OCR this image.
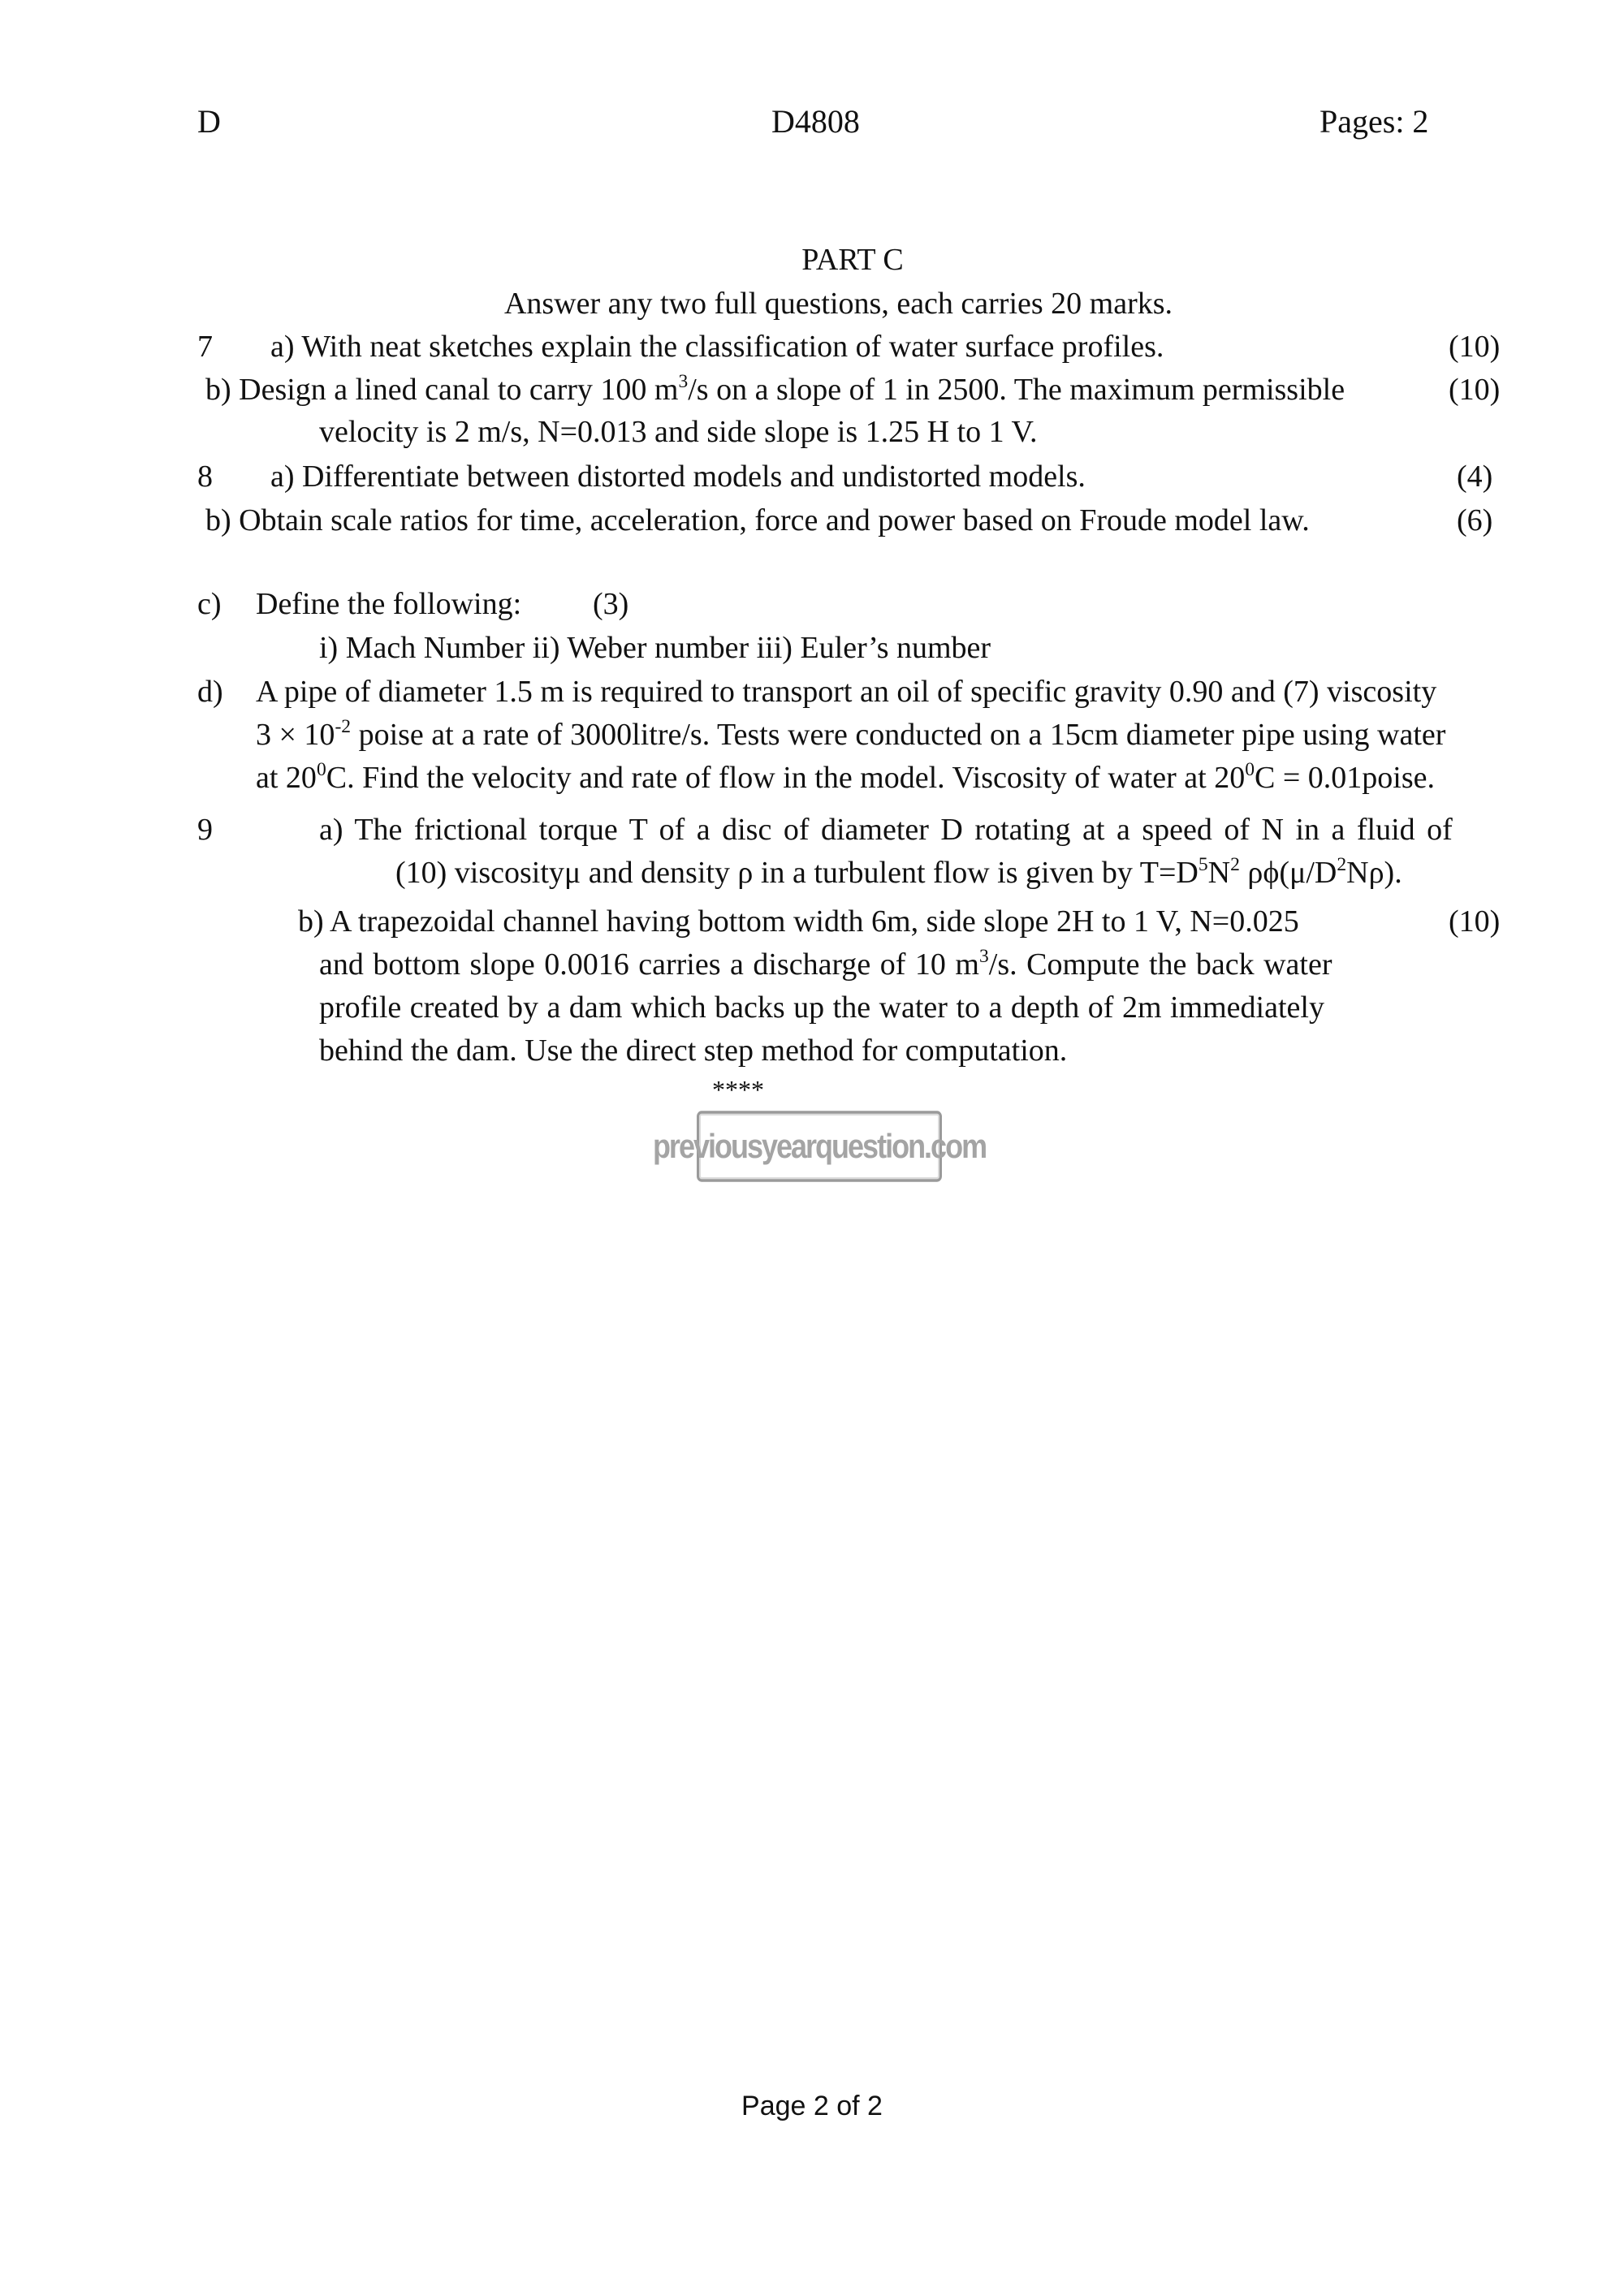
D	D4808	Pages: 2
PART C
Answer any two full questions, each carries 20 marks.
7 a) With neat sketches explain the classification of water surface profiles.	(10)
b) Design a lined canal to carry 100 $m^3/s$ on a slope of 1 in 2500. The maximum permissible	(10)
velocity is 2 m/s, N=0.013 and side slope is 1.25 H to 1 V.
8 a) Differentiate between distorted models and undistorted models.	(4)
b) Obtain scale ratios for time, acceleration, force and power based on Froude model law.	(6)
c) Define the following: (3)
i) Mach Number ii) Weber number iii) Euler’s number
d) A pipe of diameter 1.5 m is required to transport an oil of specific gravity 0.90 and (7) viscosity
$3 \times 10^{-2}$ poise at a rate of 3000litre/s. Tests were conducted on a 15cm diameter pipe using water
at $20^0C$. Find the velocity and rate of flow in the model. Viscosity of water at $20^0C$ = 0.01poise.
9	a) The frictional torque T of a disc of diameter D rotating at a speed of N in a fluid of
(10) viscosityμ and density ρ in a turbulent flow is given by $T=D^5N^2$ $\rho\phi(\mu/D^2N\rho)$.
b) A trapezoidal channel having bottom width 6m, side slope 2H to 1 V, N=0.025	(10)
and bottom slope 0.0016 carries a discharge of 10 $m^3/s$. Compute the back water
profile created by a dam which backs up the water to a depth of 2m immediately
behind the dam. Use the direct step method for computation.
****
previousyearquestion.com
Page 2 of 2
